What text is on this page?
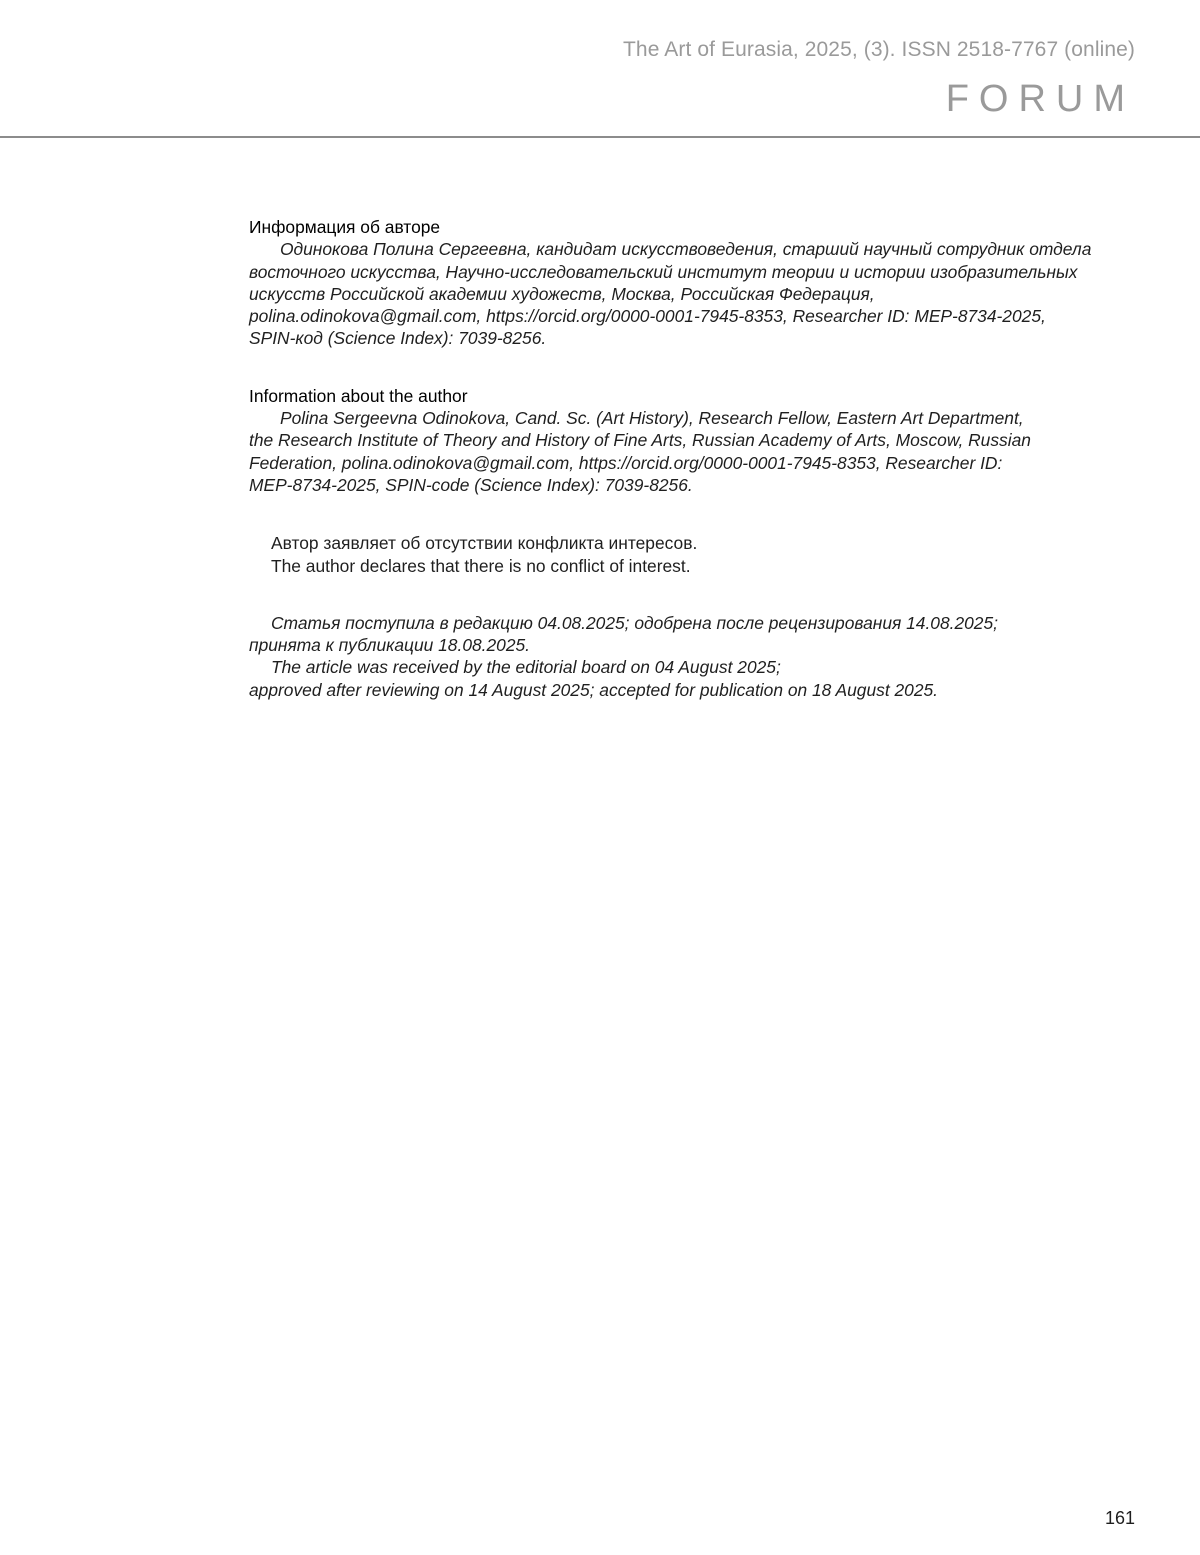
The Art of Eurasia, 2025, (3). ISSN 2518-7767 (online)
FORUM
Информация об авторе
Одинокова Полина Сергеевна, кандидат искусствоведения, старший научный сотрудник отдела
восточного искусства, Научно-исследовательский институт теории и истории изобразительных
искусств Российской академии художеств, Москва, Российская Федерация,
polina.odinokova@gmail.com, https://orcid.org/0000-0001-7945-8353, Researcher ID: MEP-8734-2025,
SPIN-код (Science Index): 7039-8256.
Information about the author
Polina Sergeevna Odinokova, Cand. Sc. (Art History), Research Fellow, Eastern Art Department,
the Research Institute of Theory and History of Fine Arts, Russian Academy of Arts, Moscow, Russian
Federation, polina.odinokova@gmail.com, https://orcid.org/0000-0001-7945-8353, Researcher ID:
MEP-8734-2025, SPIN-code (Science Index): 7039-8256.
Автор заявляет об отсутствии конфликта интересов.
The author declares that there is no conflict of interest.
Статья поступила в редакцию 04.08.2025; одобрена после рецензирования 14.08.2025;
принята к публикации 18.08.2025.
The article was received by the editorial board on 04 August 2025;
approved after reviewing on 14 August 2025; accepted for publication on 18 August 2025.
161
